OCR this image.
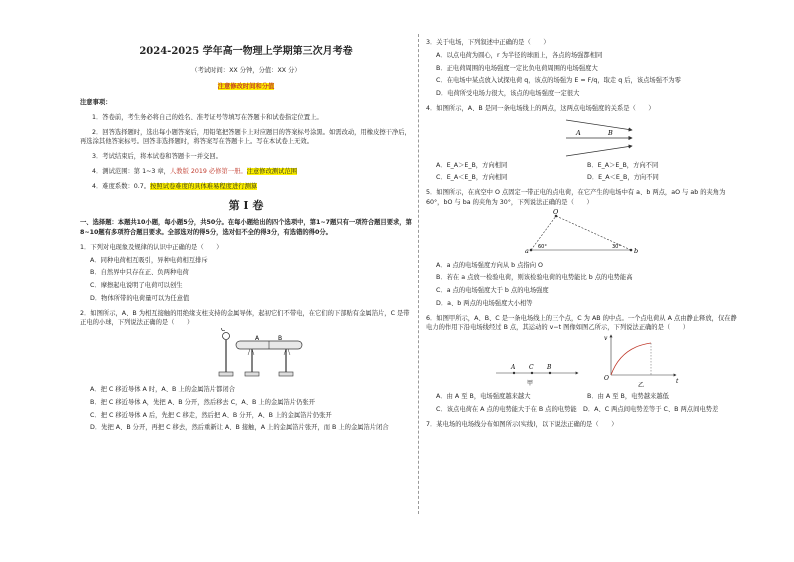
2024-2025 学年高一物理上学期第三次月考卷
（考试时间：XX 分钟，分值：XX 分）
注意修改时间和分值
注意事项：

1．答卷前，考生务必将自己的姓名、准考证号等填写在答题卡和试卷指定位置上。

2．回答选择题时，选出每小题答案后，用铅笔把答题卡上对应题目的答案标号涂黑。如需改动，用橡皮擦干净后，再选涂其他答案标号。回答非选择题时，将答案写在答题卡上。写在本试卷上无效。

3．考试结束后，将本试卷和答题卡一并交回。

4．测试范围：第 1~3 章，人教版 2019 必修第一册。注意修改测试范围

4．难度系数：0.7。按照试卷难度的具体难易程度进行测算

第 I 卷
一、选择题：本题共10小题，每小题5分，共50分。在每小题给出的四个选项中，第1~7题只有一项符合题目要求，第8~10题有多项符合题目要求。全部选对的得5分，选对但不全的得3分，有选错的得0分。
1．下列对电现象及规律的认识中正确的是（　　）
A．同种电荷相互吸引，异种电荷相互排斥
B．自然界中只存在正、负两种电荷
C．摩擦起电说明了电荷可以创生
D．物体所带的电荷量可以为任意值
2．如图所示，A、B 为相互接触的用绝缘支柱支持的金属导体，起初它们不带电，在它们的下部贴有金属箔片，C 是带正电的小球，下列说法正确的是（　　）
C
A	B
A．把 C 移近导体 A 时，A、B 上的金属箔片都闭合
B．把 C 移近导体 A，先把 A、B 分开，然后移去 C，A、B 上的金属箔片仍张开
C．把 C 移近导体 A 后，先把 C 移走，然后把 A、B 分开，A、B 上的金属箔片仍张开
D．先把 A、B 分开，再把 C 移去，然后重新让 A、B 接触，A 上的金属箔片张开，而 B 上的金属箔片闭合
3．关于电场，下列叙述中正确的是（　　）
A．以点电荷为圆心，r 为半径的球面上，各点的场强都相同
B．正电荷周围的电场强度一定比负电荷周围的电场强度大
C．在电场中某点放入试探电荷 q，该点的场强为 E = F/q，取走 q 后，该点场强不为零
D．电荷所受电场力很大，该点的电场强度一定很大
4．如图所示，A、B 是同一条电场线上的两点，这两点电场强度的关系是（　　）
A	B
A．E_A＞E_B，方向相同	B．E_A＞E_B，方向不同
C．E_A＜E_B，方向相同	D．E_A＜E_B，方向不同
5．如图所示，在真空中 O 点固定一带正电的点电荷，在它产生的电场中有 a、b 两点，aO 与 ab 的夹角为 60°，bO 与 ba 的夹角为 30°，下列说法正确的是（　　）
O
a	b
60°	30°
A．a 点的电场强度方向从 b 点指向 O
B．若在 a 点放一检验电荷，则该检验电荷的电势能比 b 点的电势能高
C．a 点的电场强度大于 b 点的电场强度
D．a、b 两点的电场强度大小相等
6．如图甲所示，A、B、C 是一条电场线上的三个点，C 为 AB 的中点。一个点电荷从 A 点由静止释放，仅在静电力的作用下沿电场线经过 B 点，其运动的 v−t 图像如图乙所示，下列说法正确的是（　　）
A C B
甲
v
O	t
乙
A．由 A 至 B，电场强度越来越大	B．由 A 至 B，电势越来越低
C．该点电荷在 A 点的电势能大于在 B 点的电势能　 D．A、C 两点间电势差等于 C、B 两点间电势差
7．某电场的电场线分布如图所示(实线)，以下说法正确的是（　　）
